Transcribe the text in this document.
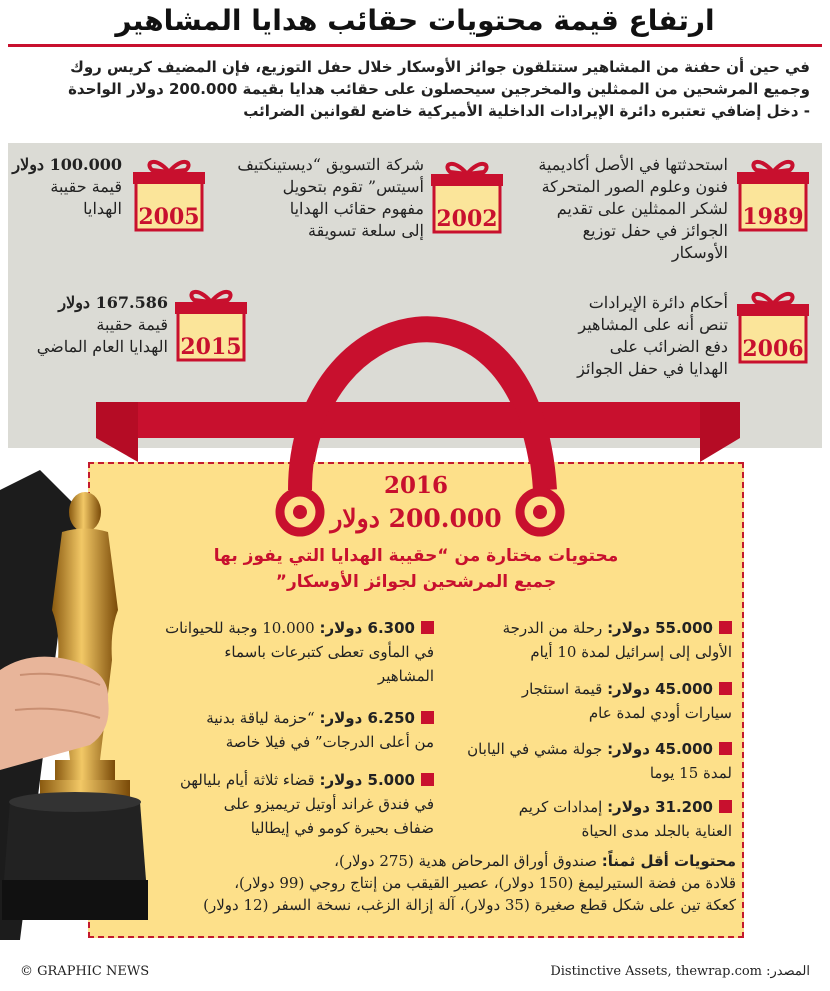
ارتفاع قيمة محتويات حقائب هدايا المشاهير
في حين أن حفنة من المشاهير ستتلقون جوائز الأوسكار خلال حفل التوزيع، فإن المضيف كريس روك
وجميع المرشحين من الممثلين والمخرجين سيحصلون على حقائب هدايا بقيمة 200.000 دولار الواحدة
- دخل إضافي تعتبره دائرة الإيرادات الداخلية الأميركية خاضع لقوانين الضرائب
1989
2002
2005
2006
2015
استحدثتها في الأصل أكاديمية
فنون وعلوم الصور المتحركة
لشكر الممثلين على تقديم
الجوائز في حفل توزيع
الأوسكار
شركة التسويق “ديستينكتيف
أسيتس” تقوم بتحويل
مفهوم حقائب الهدايا
إلى سلعة تسويقة
100.000 دولار
قيمة حقيبة
الهدايا
أحكام دائرة الإيرادات
تنص أنه على المشاهير
دفع الضرائب على
الهدايا في حفل الجوائز
167.586 دولار
قيمة حقيبة
الهدايا العام الماضي
2016
200.000 دولار
محتويات مختارة من “حقيبة الهدايا التي يفوز بها
جميع المرشحين لجوائز الأوسكار”
55.000 دولار: رحلة من الدرجة
الأولى إلى إسرائيل لمدة 10 أيام
45.000 دولار: قيمة استئجار
سيارات أودي لمدة عام
45.000 دولار: جولة مشي في اليابان
لمدة 15 يوما
31.200 دولار: إمدادات كريم
العناية بالجلد مدى الحياة
6.300 دولار: 10.000 وجبة للحيوانات
في المأوى تعطى كتبرعات باسماء
المشاهير
6.250 دولار: “حزمة لياقة بدنية
من أعلى الدرجات” في فيلا خاصة
5.000 دولار: قضاء ثلاثة أيام بليالهن
في فندق غراند أوتيل تريميزو على
ضفاف بحيرة كومو في إيطاليا
محتويات أقل ثمناً: صندوق أوراق المرحاض هدية (275 دولار)،
قلادة من فضة الستيرليمغ (150 دولار)، عصير القيقب من إنتاج روجي (99 دولار)،
كعكة تين على شكل قطع صغيرة (35 دولار)، آلة إزالة الزغب، نسخة السفر (12 دولار)
© GRAPHIC NEWS	المصدر: Distinctive Assets, thewrap.com
